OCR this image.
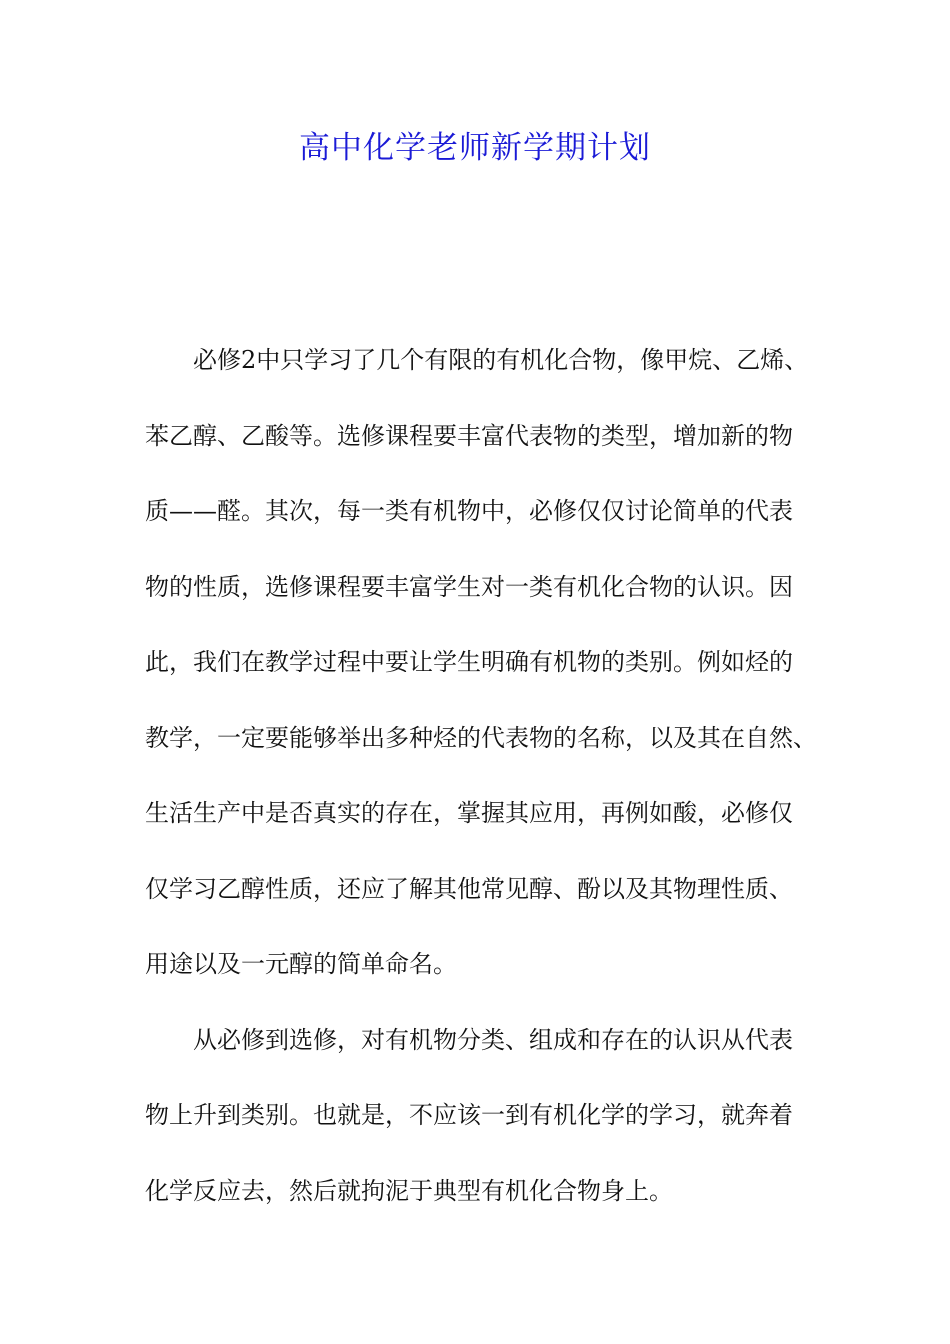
高中化学老师新学期计划
必修2中只学习了几个有限的有机化合物，像甲烷、乙烯、
苯乙醇、乙酸等。选修课程要丰富代表物的类型，增加新的物
质——醛。其次，每一类有机物中，必修仅仅讨论简单的代表
物的性质，选修课程要丰富学生对一类有机化合物的认识。因
此，我们在教学过程中要让学生明确有机物的类别。例如烃的
教学，一定要能够举出多种烃的代表物的名称，以及其在自然、
生活生产中是否真实的存在，掌握其应用，再例如酸，必修仅
仅学习乙醇性质，还应了解其他常见醇、酚以及其物理性质、
用途以及一元醇的简单命名。
从必修到选修，对有机物分类、组成和存在的认识从代表
物上升到类别。也就是，不应该一到有机化学的学习，就奔着
化学反应去，然后就拘泥于典型有机化合物身上。
